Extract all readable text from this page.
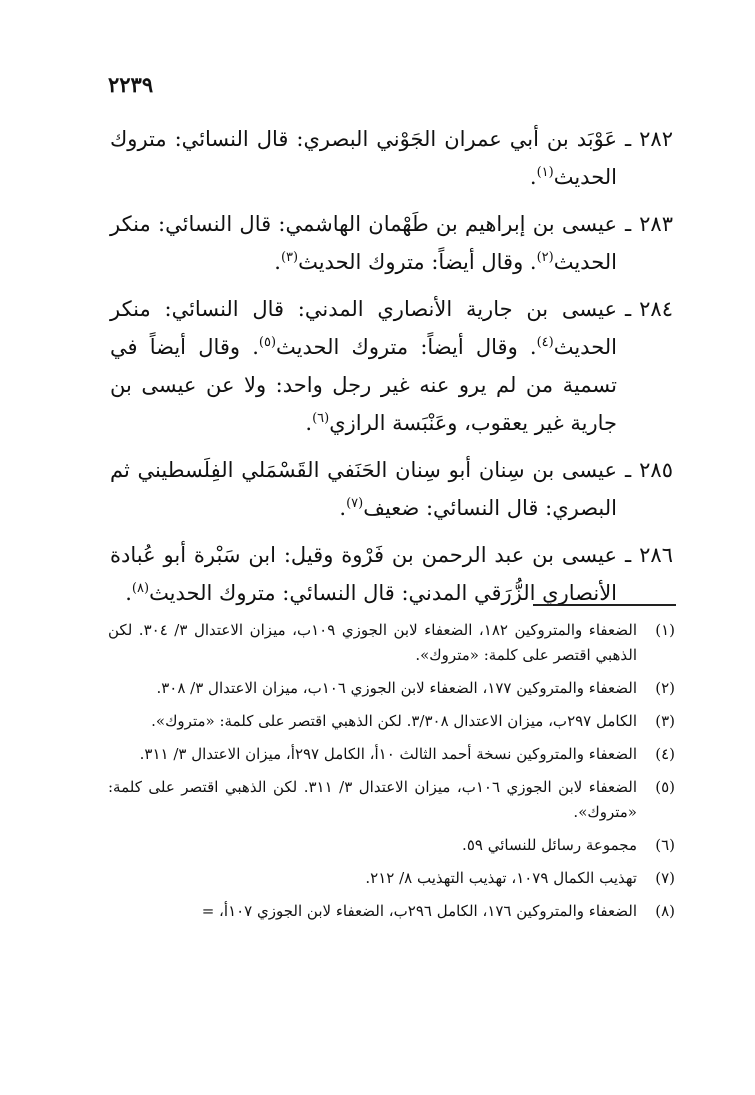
٢٢٣٩
٢٨٢
ـ
عَوْبَد بن أبي عمران الجَوْني البصري: قال النسائي: متروك الحديث$^{(١)}$.
٢٨٣
ـ
عيسى بن إبراهيم بن طَهْمان الهاشمي: قال النسائي: منكر الحديث$^{(٢)}$. وقال أيضاً: متروك الحديث$^{(٣)}$.
٢٨٤
ـ
عيسى بن جارية الأنصاري المدني: قال النسائي: منكر الحديث$^{(٤)}$. وقال أيضاً: متروك الحديث$^{(٥)}$. وقال أيضاً في تسمية من لم يرو عنه غير رجل واحد: ولا عن عيسى بن جارية غير يعقوب، وعَنْبَسة الرازي$^{(٦)}$.
٢٨٥
ـ
عيسى بن سِنان أبو سِنان الحَنَفي القَسْمَلي الفِلَسطيني ثم البصري: قال النسائي: ضعيف$^{(٧)}$.
٢٨٦
ـ
عيسى بن عبد الرحمن بن فَرْوة وقيل: ابن سَبْرة أبو عُبادة الأنصاري الزُّرَقي المدني: قال النسائي: متروك الحديث$^{(٨)}$.
(١)
الضعفاء والمتروكين ١٨٢، الضعفاء لابن الجوزي ١٠٩ب، ميزان الاعتدال ٣/ ٣٠٤. لكن الذهبي اقتصر على كلمة: «متروك».
(٢)
الضعفاء والمتروكين ١٧٧، الضعفاء لابن الجوزي ١٠٦ب، ميزان الاعتدال ٣/ ٣٠٨.
(٣)
الكامل ٢٩٧ب، ميزان الاعتدال ٣/٣٠٨. لكن الذهبي اقتصر على كلمة: «متروك».
(٤)
الضعفاء والمتروكين نسخة أحمد الثالث ١٠أ، الكامل ٢٩٧أ، ميزان الاعتدال ٣/ ٣١١.
(٥)
الضعفاء لابن الجوزي ١٠٦ب، ميزان الاعتدال ٣/ ٣١١. لكن الذهبي اقتصر على كلمة: «متروك».
(٦)
مجموعة رسائل للنسائي ٥٩.
(٧)
تهذيب الكمال ١٠٧٩، تهذيب التهذيب ٨/ ٢١٢.
(٨)
الضعفاء والمتروكين ١٧٦، الكامل ٢٩٦ب، الضعفاء لابن الجوزي ١٠٧أ، =
